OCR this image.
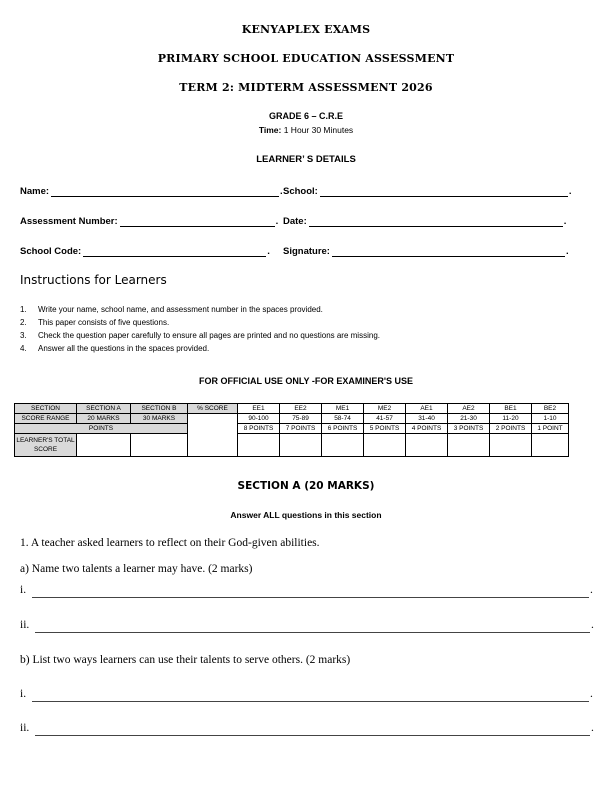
KENYAPLEX EXAMS
PRIMARY SCHOOL EDUCATION ASSESSMENT
TERM 2: MIDTERM ASSESSMENT 2026
GRADE 6 – C.R.E
Time: 1 Hour 30 Minutes
LEARNER’ S DETAILS
Name:	. School:	.
Assessment Number:	. Date:	.
School Code:	. Signature:	.
Instructions for Learners
1. Write your name, school name, and assessment number in the spaces provided.
2. This paper consists of five questions.
3. Check the question paper carefully to ensure all pages are printed and no questions are missing.
4. Answer all the questions in the spaces provided.
FOR OFFICIAL USE ONLY -FOR EXAMINER'S USE
SECTION	SECTION A	SECTION B	% SCORE	EE1	EE2	ME1	ME2	AE1	AE2	BE1	BE2
SCORE RANGE	20 MARKS	30 MARKS		90-100	75-89	58-74	41-57	31-40	21-30	11-20	1-10
POINTS				8 POINTS	7 POINTS	6 POINTS	5 POINTS	4 POINTS	3 POINTS	2 POINTS	1 POINT
LEARNER'S TOTAL SCORE											
SECTION A (20 MARKS)
Answer ALL questions in this section
1. A teacher asked learners to reflect on their God-given abilities.
a) Name two talents a learner may have. (2 marks)
i.	.
ii.	.
b) List two ways learners can use their talents to serve others. (2 marks)
i.	.
ii.	.
